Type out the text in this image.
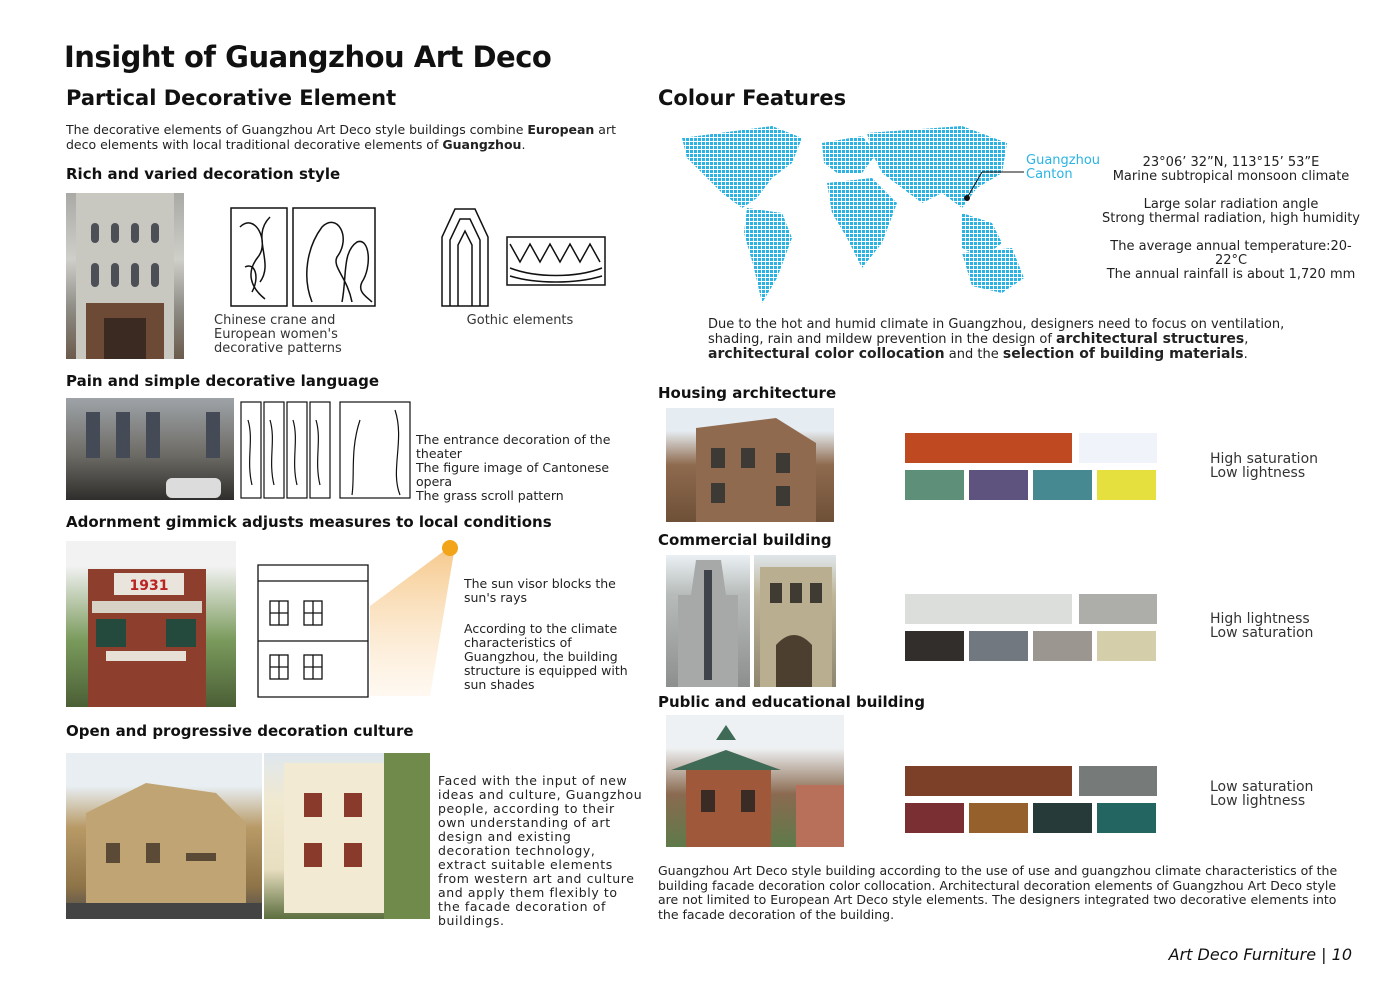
Insight of Guangzhou Art Deco
Partical Decorative Element
The decorative elements of Guangzhou Art Deco style buildings combine European art deco elements with local traditional decorative elements of Guangzhou.
Rich and varied decoration style
Chinese crane and European women's decorative patterns
Gothic elements
Pain and simple decorative language
The entrance decoration of the theater
The figure image of Cantonese opera
The grass scroll pattern
Adornment gimmick adjusts measures to local conditions
1931	The sun visor blocks the sun's rays
According to the climate characteristics of Guangzhou, the building structure is equipped with sun shades
Open and progressive decoration culture
Faced with the input of new ideas and culture, Guangzhou people, according to their own understanding of art design and existing decoration technology, extract suitable elements from western art and culture and apply them flexibly to the facade decoration of buildings.
Colour Features
Guangzhou
Canton
23°06’ 32”N, 113°15’ 53”E
Marine subtropical monsoon climate
Large solar radiation angle
Strong thermal radiation, high humidity
The average annual temperature:20-22°C
The annual rainfall is about 1,720 mm
Due to the hot and humid climate in Guangzhou, designers need to focus on ventilation, shading, rain and mildew prevention in the design of architectural structures, architectural color collocation and the selection of building materials.
Housing architecture
High saturation
Low lightness
Commercial building
High lightness
Low saturation
Public and educational building
Low saturation
Low lightness
Guangzhou Art Deco style building according to the use of use and guangzhou climate characteristics of the building facade decoration color collocation. Architectural decoration elements of Guangzhou Art Deco style are not limited to European Art Deco style elements. The designers integrated two decorative elements into the facade decoration of the building.
Art Deco Furniture | 10
